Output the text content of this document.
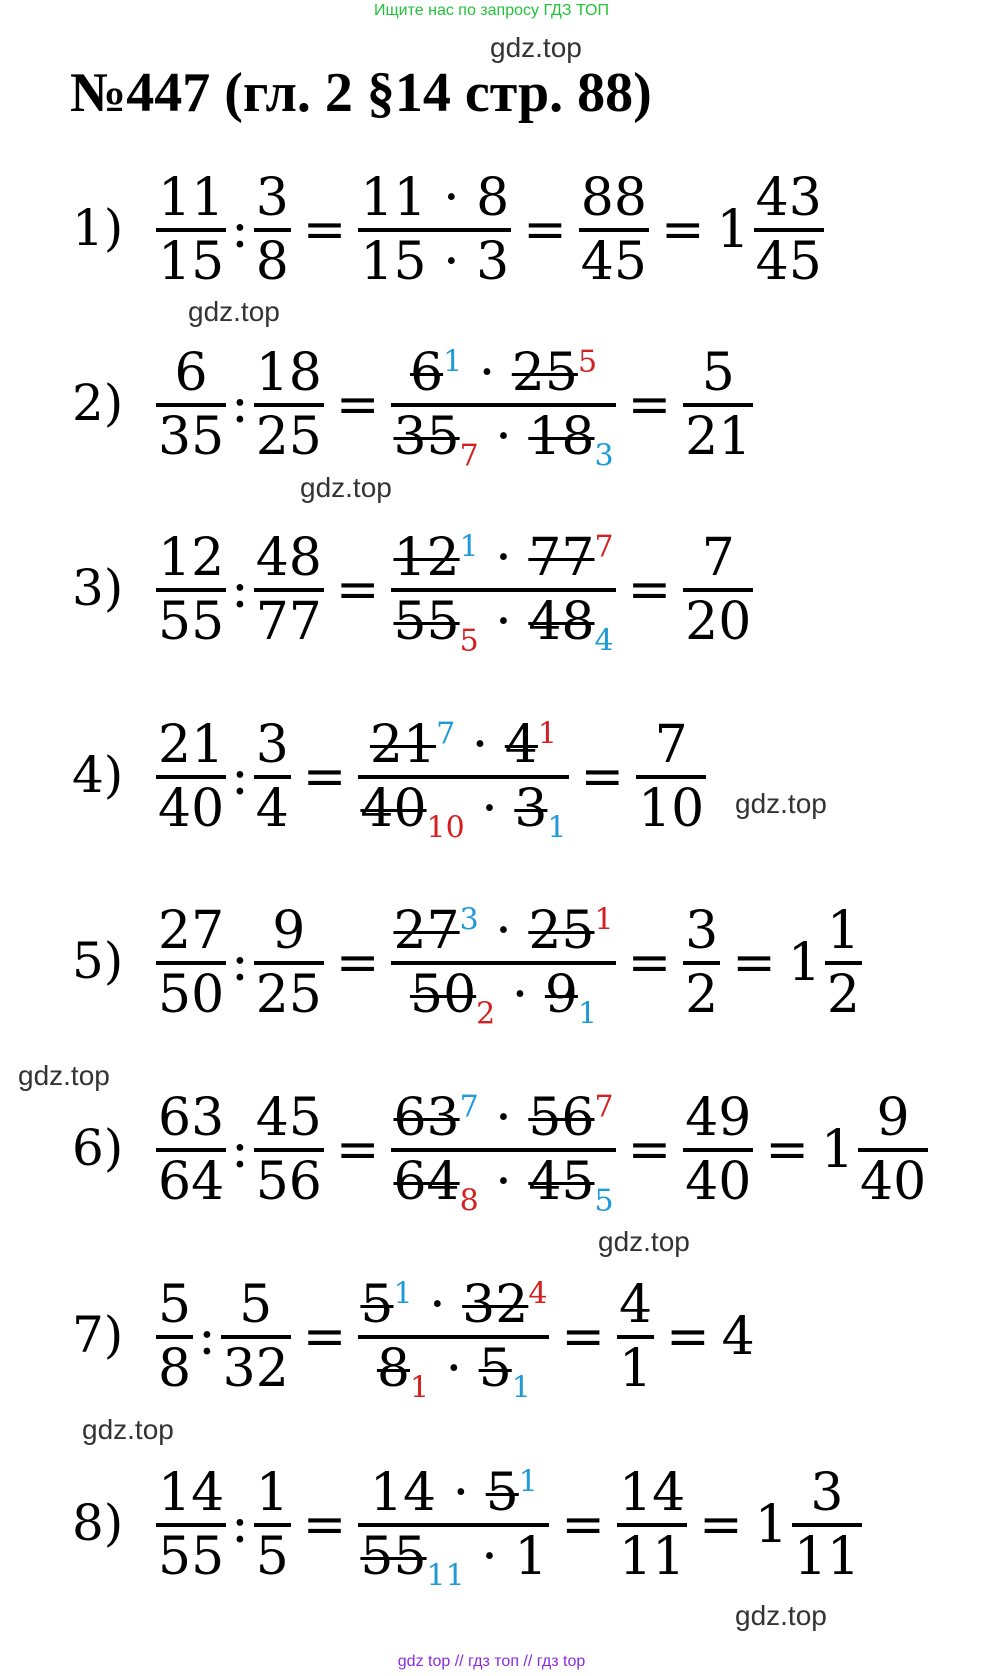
Ищите нас по запросу ГДЗ ТОП
gdz.top
№447 (гл. 2 §14 стр. 88)
$1) \frac{11}{15}$ : $\frac{3}{8} = \frac{11 \cdot 8}{15 \cdot 3} = \frac{88}{45} = 1 \frac{43}{45}$
gdz.top
$2) \frac{6}{35}$ : $\frac{18}{25} = \frac{6^1 \cdot 25^5}{35_7 \cdot 18_3} = \frac{5}{21}$
gdz.top
$3) \frac{12}{55}$ : $\frac{48}{77} = \frac{12^1 \cdot 77^7}{55_5 \cdot 48_4} = \frac{7}{20}$
$4) \frac{21}{40}$ : $\frac{3}{4} = \frac{21^7 \cdot 4^1}{40_{10} \cdot 3_1} = \frac{7}{10} gdz.top$
$5) \frac{27}{50}$ : $\frac{9}{25} = \frac{27^3 \cdot 25^1}{50_2 \cdot 9_1} = \frac{3}{2} = 1 \frac{1}{2}$
gdz.top
$6) \frac{63}{64}$ : $\frac{45}{56} = \frac{63^7 \cdot 56^7}{64_8 \cdot 45_5} = \frac{49}{40} = 1 \frac{9}{40}$
gdz.top
$7) \frac{5}{8}$ : $\frac{5}{32} = \frac{5^1 \cdot 32^4}{8_1 \cdot 5_1} = \frac{4}{1} = 4$
gdz.top
$8) \frac{14}{55}$ : $\frac{1}{5} = \frac{14 \cdot 5^1}{55_{11} \cdot 1} = \frac{14}{11} = 1 \frac{3}{11}$
gdz.top
gdz top // гдз топ // гдз top
